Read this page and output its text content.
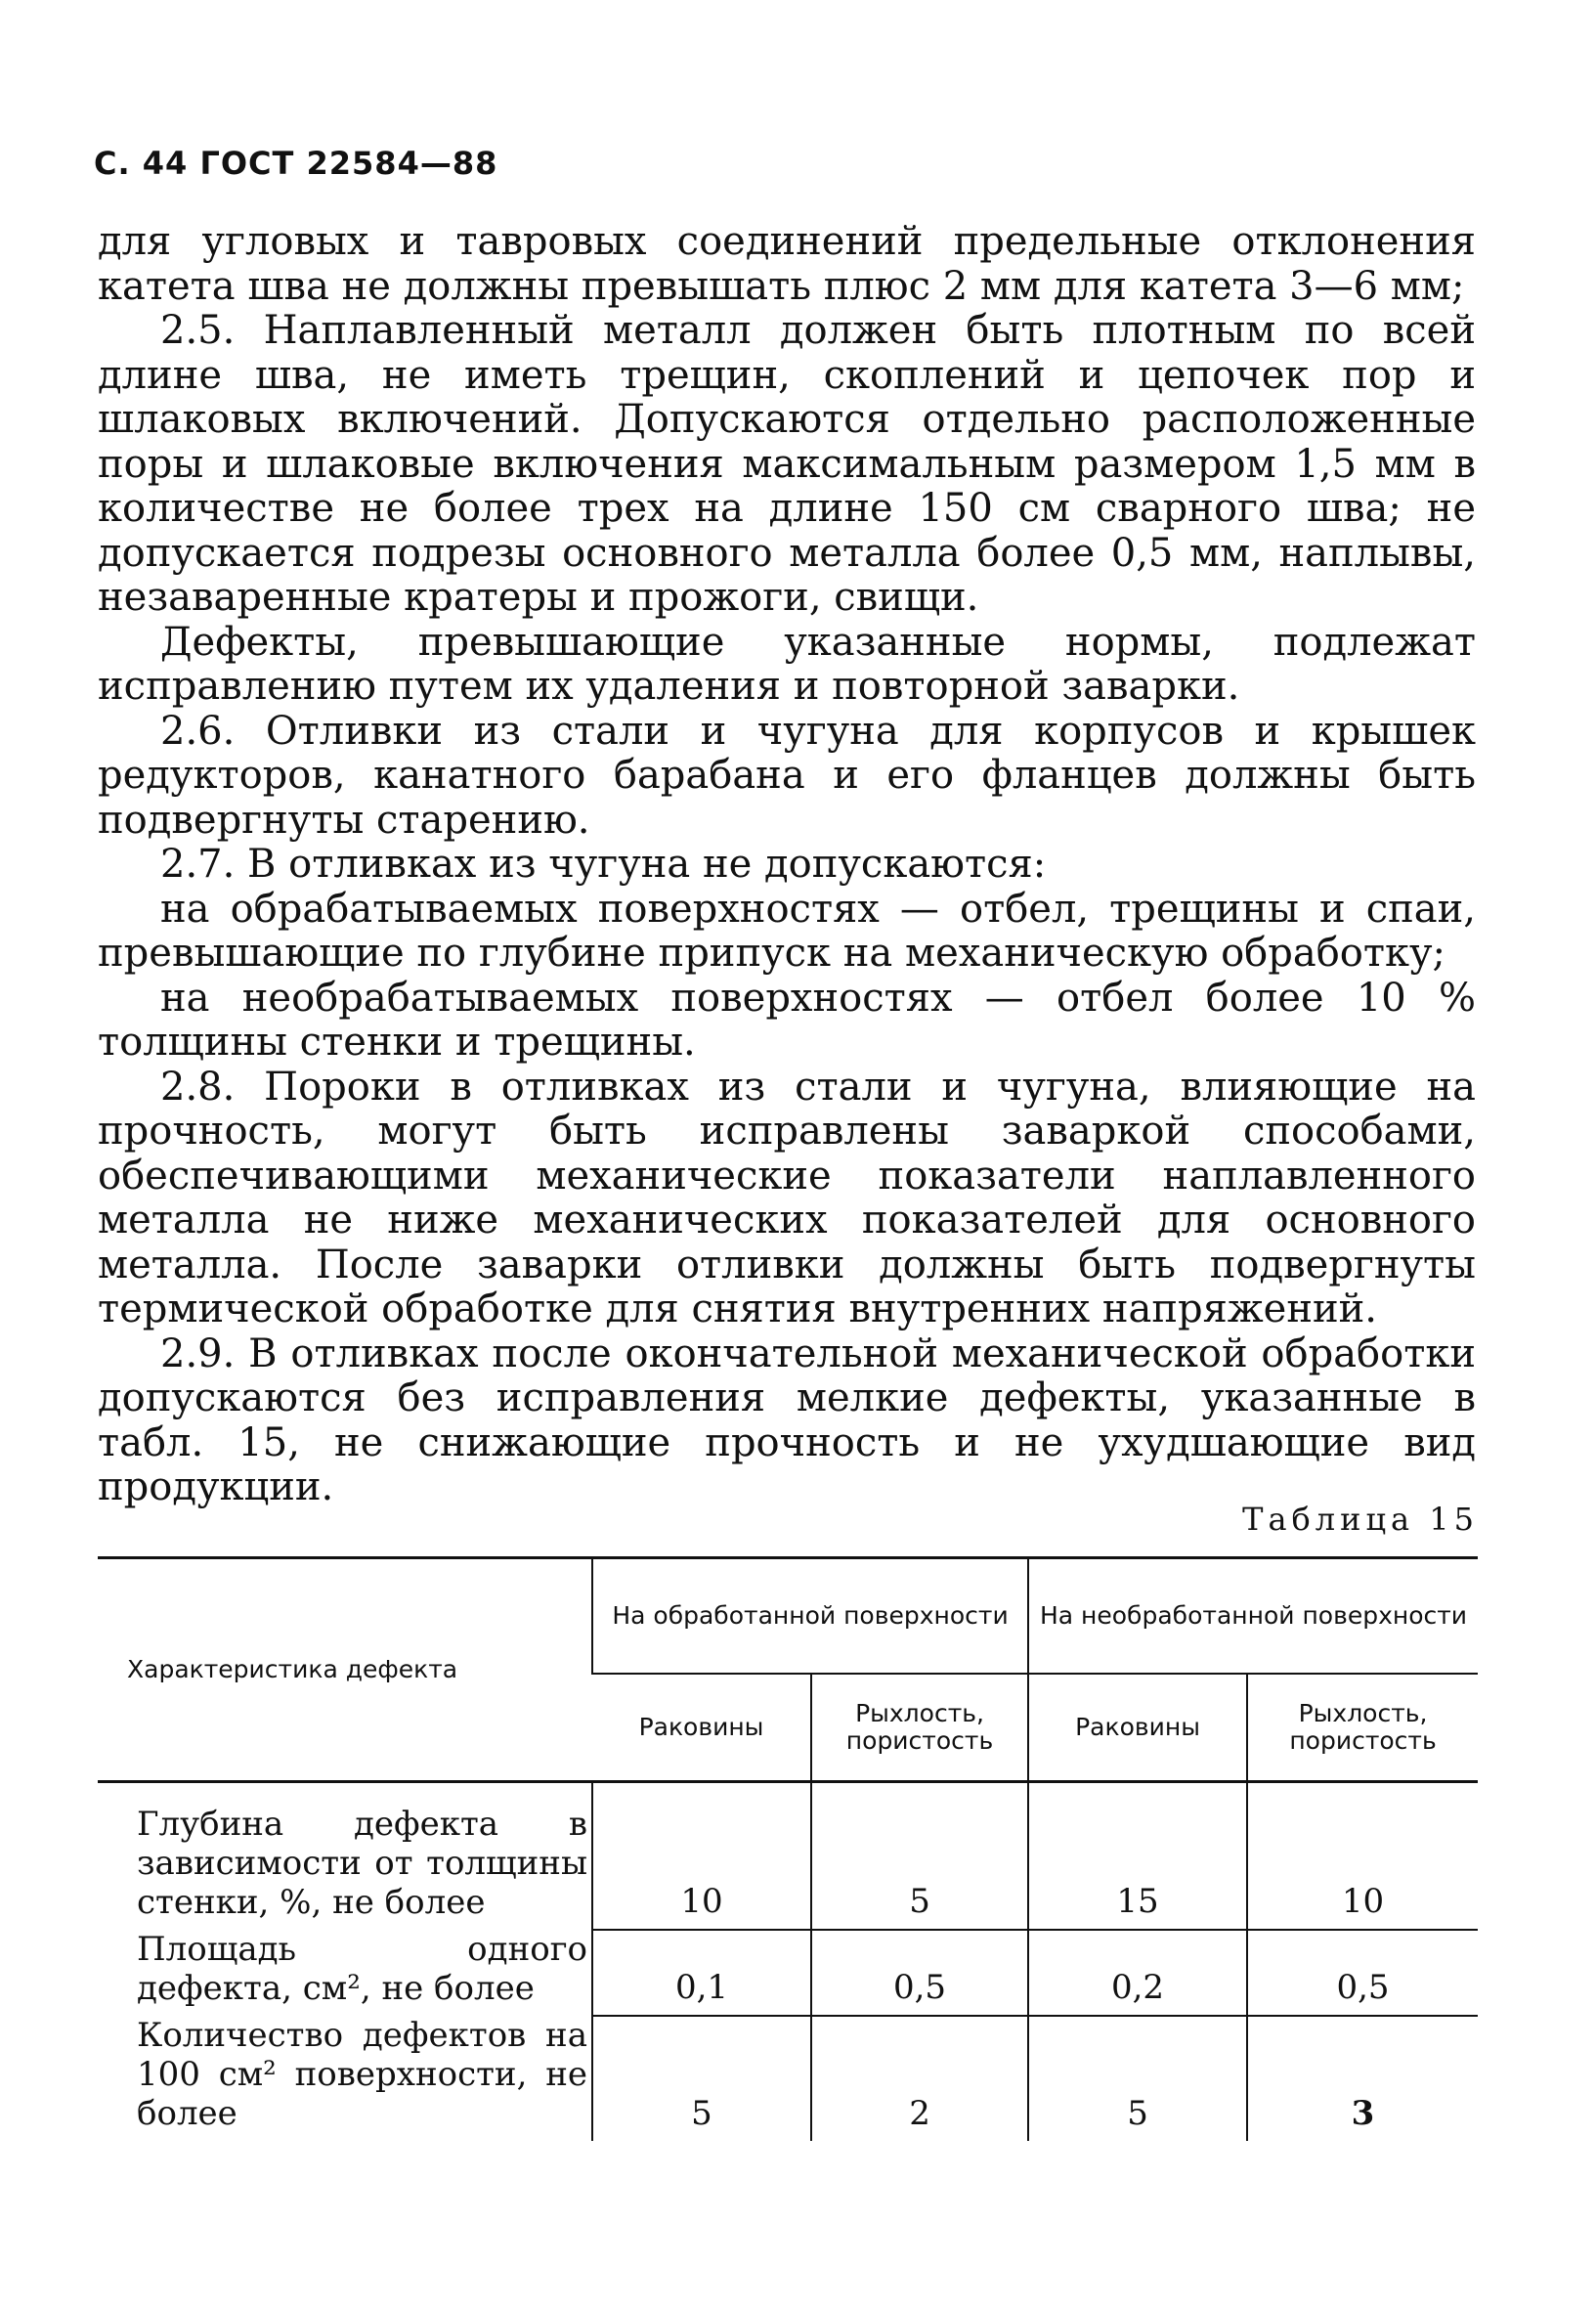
С. 44 ГОСТ 22584—88

для угловых и тавровых соединений предельные отклонения катета шва не должны превышать плюс 2 мм для катета 3—6 мм;

2.5. Наплавленный металл должен быть плотным по всей длине шва, не иметь трещин, скоплений и цепочек пор и шлаковых включений. Допускаются отдельно расположенные поры и шлаковые включения максимальным размером 1,5 мм в количестве не более трех на длине 150 см сварного шва; не допускается подрезы основного металла более 0,5 мм, наплывы, незаваренные кратеры и прожоги, свищи.

Дефекты, превышающие указанные нормы, подлежат исправлению путем их удаления и повторной заварки.

2.6. Отливки из стали и чугуна для корпусов и крышек редукторов, канатного барабана и его фланцев должны быть подвергнуты старению.

2.7. В отливках из чугуна не допускаются:

на обрабатываемых поверхностях — отбел, трещины и спаи, превышающие по глубине припуск на механическую обработку;

на необрабатываемых поверхностях — отбел более 10 % толщины стенки и трещины.

2.8. Пороки в отливках из стали и чугуна, влияющие на прочность, могут быть исправлены заваркой способами, обеспечивающими механические показатели наплавленного металла не ниже механических показателей для основного металла. После заварки отливки должны быть подвергнуты термической обработке для снятия внутренних напряжений.

2.9. В отливках после окончательной механической обработки допускаются без исправления мелкие дефекты, указанные в табл. 15, не снижающие прочность и не ухудшающие вид продукции.

Таблица 15
Характеристика дефекта	На обработанной поверхности		На необработанной поверхности	
	Раковины	Рыхлость, пористость	Раковины	Рыхлость, пористость
Глубина дефекта в зависимости от толщины стенки, %, не более	10	5	15	10
Площадь одного дефекта, см², не более	0,1	0,5	0,2	0,5
Количество дефектов на 100 см² поверхности, не более	5	2	5	3
